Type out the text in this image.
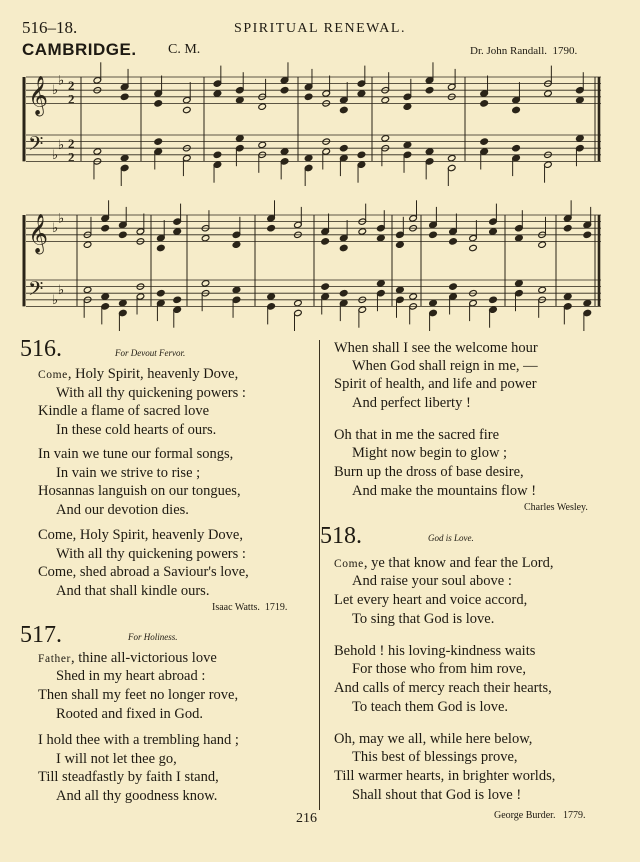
516–18.	SPIRITUAL RENEWAL.
CAMBRIDGE. C. M.	Dr. John Randall. 1790.
𝄞 ♭
♭ 2
2
𝄢 ♭
♭ 2
2
𝄞 ♭
♭
𝄢 ♭
♭
516.	For Devout Fervor.
Come, Holy Spirit, heavenly Dove,
With all thy quickening powers :
Kindle a flame of sacred love
In these cold hearts of ours.
In vain we tune our formal songs,
In vain we strive to rise ;
Hosannas languish on our tongues,
And our devotion dies.
Come, Holy Spirit, heavenly Dove,
With all thy quickening powers :
Come, shed abroad a Saviour's love,
And that shall kindle ours.
Isaac Watts. 1719.
517.	For Holiness.
Father, thine all-victorious love
Shed in my heart abroad :
Then shall my feet no longer rove,
Rooted and fixed in God.
I hold thee with a trembling hand ;
I will not let thee go,
Till steadfastly by faith I stand,
And all thy goodness know.
When shall I see the welcome hour
When God shall reign in me, —
Spirit of health, and life and power
And perfect liberty !
Oh that in me the sacred fire
Might now begin to glow ;
Burn up the dross of base desire,
And make the mountains flow !
Charles Wesley.
518.	God is Love.
Come, ye that know and fear the Lord,
And raise your soul above :
Let every heart and voice accord,
To sing that God is love.
Behold ! his loving-kindness waits
For those who from him rove,
And calls of mercy reach their hearts,
To teach them God is love.
Oh, may we all, while here below,
This best of blessings prove,
Till warmer hearts, in brighter worlds,
Shall shout that God is love !
George Burder. 1779.
216
